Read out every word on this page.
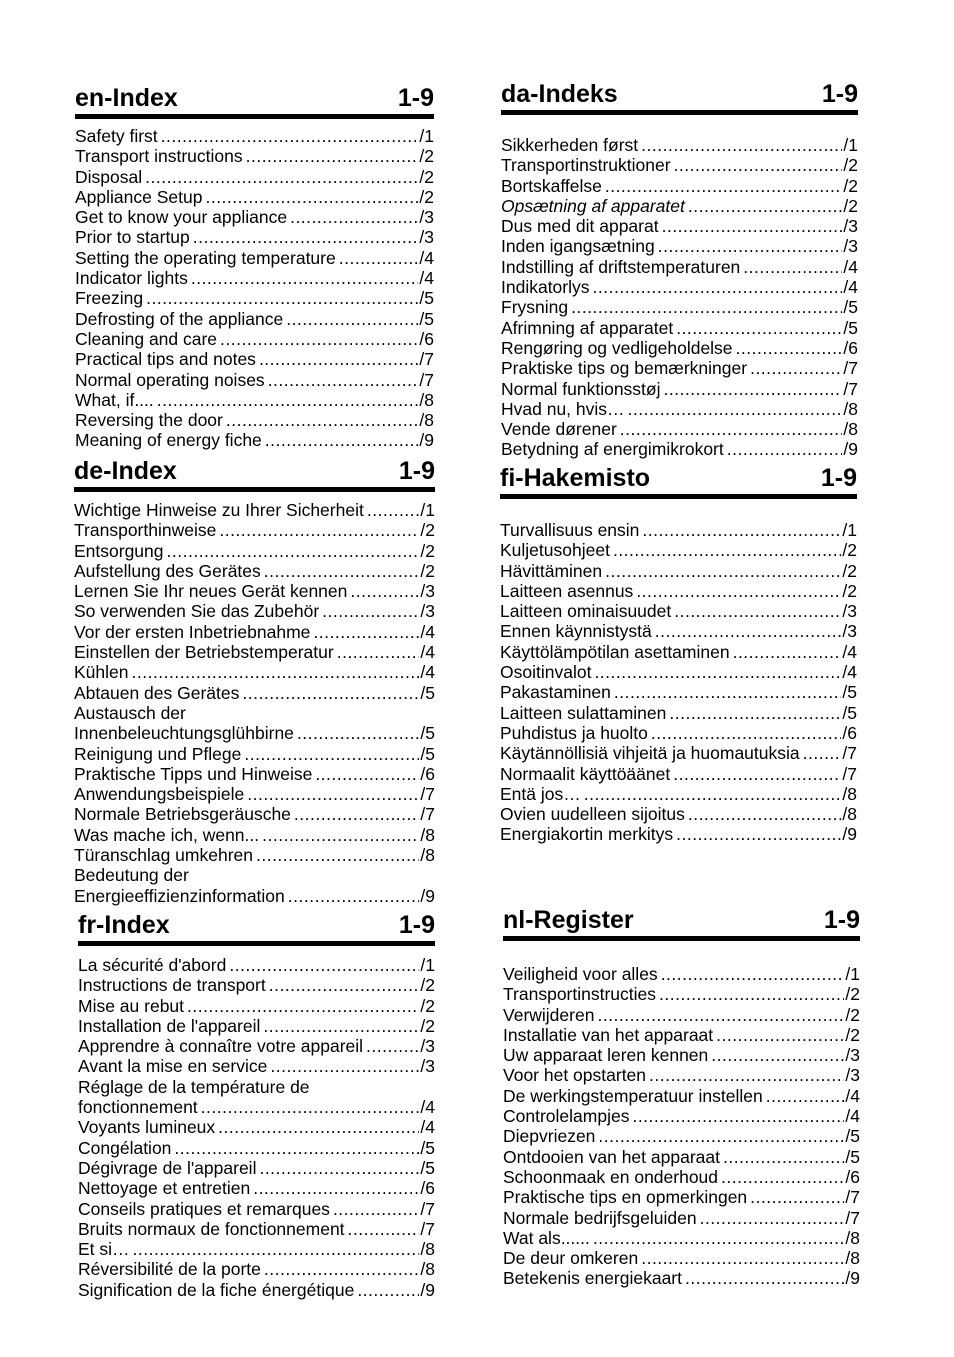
en-Index	1-9
Safety first .....	/1
Transport instructions .....	/2
Disposal .....	/2
Appliance Setup .....	/2
Get to know your appliance .....	/3
Prior to startup .....	/3
Setting the operating temperature .....	/4
Indicator lights .....	/4
Freezing .....	/5
Defrosting of the appliance .....	/5
Cleaning and care .....	/6
Practical tips and notes .....	/7
Normal operating noises .....	/7
What, if.... .....	/8
Reversing the door .....	/8
Meaning of energy fiche .....	/9
de-Index	1-9
Wichtige Hinweise zu Ihrer Sicherheit .....	/1
Transporthinweise .....	/2
Entsorgung .....	/2
Aufstellung des Gerätes .....	/2
Lernen Sie Ihr neues Gerät kennen .....	/3
So verwenden Sie das Zubehör .....	/3
Vor der ersten Inbetriebnahme .....	/4
Einstellen der Betriebstemperatur .....	/4
Kühlen .....	/4
Abtauen des Gerätes .....	/5
Austausch der
Innenbeleuchtungsglühbirne .....	/5
Reinigung und Pflege .....	/5
Praktische Tipps und Hinweise .....	/6
Anwendungsbeispiele .....	/7
Normale Betriebsgeräusche .....	/7
Was mache ich, wenn... .....	/8
Türanschlag umkehren .....	/8
Bedeutung der
Energieeffizienzinformation .....	/9
fr-Index	1-9
La sécurité d'abord .....	/1
Instructions de transport .....	/2
Mise au rebut .....	/2
Installation de l'appareil .....	/2
Apprendre à connaître votre appareil .....	/3
Avant la mise en service .....	/3
Réglage de la température de
fonctionnement .....	/4
Voyants lumineux .....	/4
Congélation .....	/5
Dégivrage de l'appareil .....	/5
Nettoyage et entretien .....	/6
Conseils pratiques et remarques .....	/7
Bruits normaux de fonctionnement .....	/7
Et si… .....	/8
Réversibilité de la porte .....	/8
Signification de la fiche énergétique .....	/9
da-Indeks	1-9
Sikkerheden først .....	/1
Transportinstruktioner .....	/2
Bortskaffelse .....	/2
Opsætning af apparatet .....	/2
Dus med dit apparat .....	/3
Inden igangsætning .....	/3
Indstilling af driftstemperaturen .....	/4
Indikatorlys .....	/4
Frysning .....	/5
Afrimning af apparatet .....	/5
Rengøring og vedligeholdelse .....	/6
Praktiske tips og bemærkninger .....	/7
Normal funktionsstøj .....	/7
Hvad nu, hvis… .....	/8
Vende dørener .....	/8
Betydning af energimikrokort .....	/9
fi-Hakemisto	1-9
Turvallisuus ensin .....	/1
Kuljetusohjeet .....	/2
Hävittäminen .....	/2
Laitteen asennus .....	/2
Laitteen ominaisuudet .....	/3
Ennen käynnistystä .....	/3
Käyttölämpötilan asettaminen .....	/4
Osoitinvalot .....	/4
Pakastaminen .....	/5
Laitteen sulattaminen .....	/5
Puhdistus ja huolto .....	/6
Käytännöllisiä vihjeitä ja huomautuksia ..... /7
Normaalit käyttöäänet .....	/7
Entä jos… .....	/8
Ovien uudelleen sijoitus .....	/8
Energiakortin merkitys .....	/9
nl-Register	1-9
Veiligheid voor alles .....	/1
Transportinstructies .....	/2
Verwijderen .....	/2
Installatie van het apparaat .....	/2
Uw apparaat leren kennen .....	/3
Voor het opstarten .....	/3
De werkingstemperatuur instellen .....	/4
Controlelampjes .....	/4
Diepvriezen .....	/5
Ontdooien van het apparaat .....	/5
Schoonmaak en onderhoud .....	/6
Praktische tips en opmerkingen .....	/7
Normale bedrijfsgeluiden .....	/7
Wat als...... .....	/8
De deur omkeren .....	/8
Betekenis energiekaart .....	/9
